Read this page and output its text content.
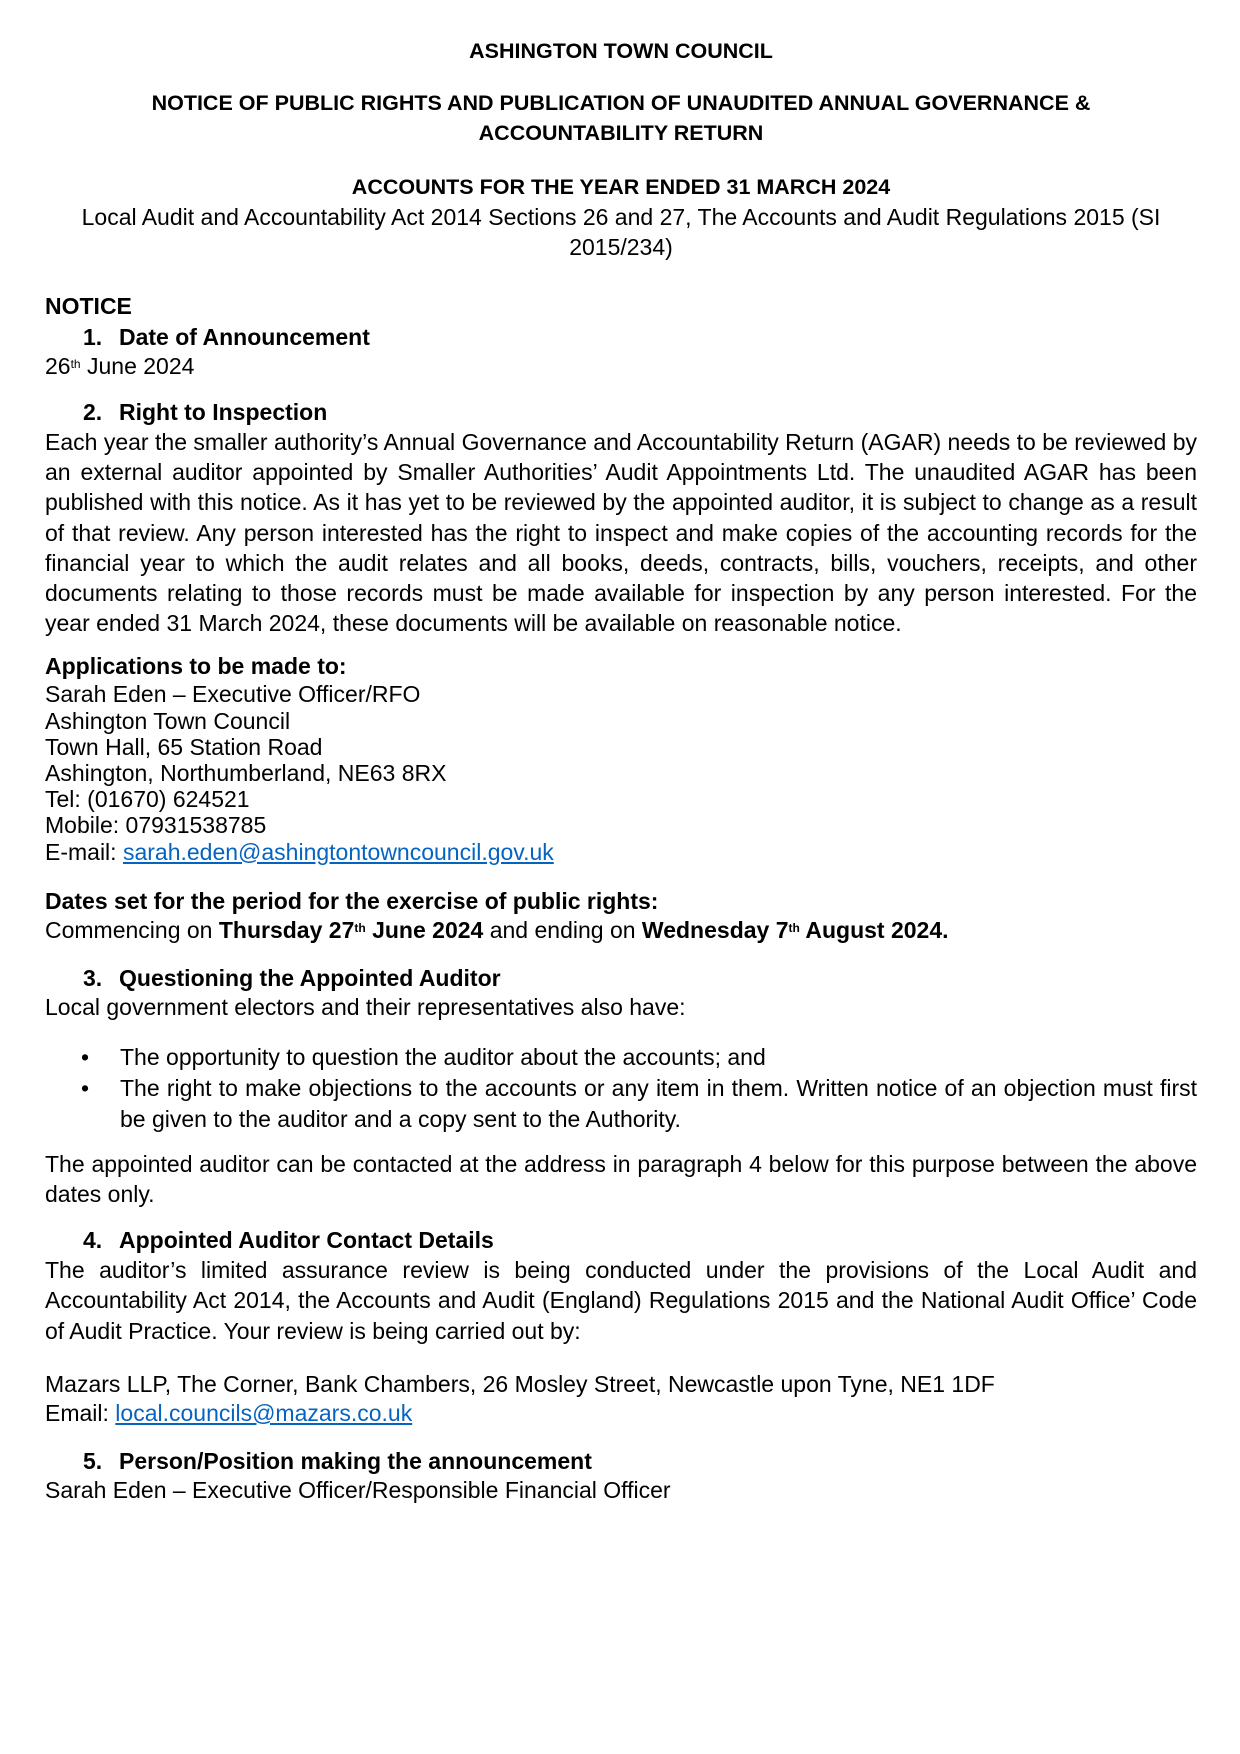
ASHINGTON TOWN COUNCIL
NOTICE OF PUBLIC RIGHTS AND PUBLICATION OF UNAUDITED ANNUAL GOVERNANCE &
ACCOUNTABILITY RETURN
ACCOUNTS FOR THE YEAR ENDED 31 MARCH 2024
Local Audit and Accountability Act 2014 Sections 26 and 27, The Accounts and Audit Regulations 2015 (SI
2015/234)
NOTICE
1. Date of Announcement

26th June 2024

2. Right to Inspection

Each year the smaller authority’s Annual Governance and Accountability Return (AGAR) needs to be reviewed by an external auditor appointed by Smaller Authorities’ Audit Appointments Ltd. The unaudited AGAR has been published with this notice. As it has yet to be reviewed by the appointed auditor, it is subject to change as a result of that review. Any person interested has the right to inspect and make copies of the accounting records for the financial year to which the audit relates and all books, deeds, contracts, bills, vouchers, receipts, and other documents relating to those records must be made available for inspection by any person interested. For the year ended 31 March 2024, these documents will be available on reasonable notice.

Applications to be made to:
Sarah Eden – Executive Officer/RFO
Ashington Town Council
Town Hall, 65 Station Road
Ashington, Northumberland, NE63 8RX
Tel: (01670) 624521
Mobile: 07931538785
E-mail: sarah.eden@ashingtontowncouncil.gov.uk
Dates set for the period for the exercise of public rights:

Commencing on Thursday 27th June 2024 and ending on Wednesday 7th August 2024.

3. Questioning the Appointed Auditor

Local government electors and their representatives also have:

• The opportunity to question the auditor about the accounts; and
• The right to make objections to the accounts or any item in them. Written notice of an objection must first be given to the auditor and a copy sent to the Authority.

The appointed auditor can be contacted at the address in paragraph 4 below for this purpose between the above dates only.

4. Appointed Auditor Contact Details

The auditor’s limited assurance review is being conducted under the provisions of the Local Audit and Accountability Act 2014, the Accounts and Audit (England) Regulations 2015 and the National Audit Office’ Code of Audit Practice. Your review is being carried out by:

Mazars LLP, The Corner, Bank Chambers, 26 Mosley Street, Newcastle upon Tyne, NE1 1DF

Email: local.councils@mazars.co.uk

5. Person/Position making the announcement

Sarah Eden – Executive Officer/Responsible Financial Officer
